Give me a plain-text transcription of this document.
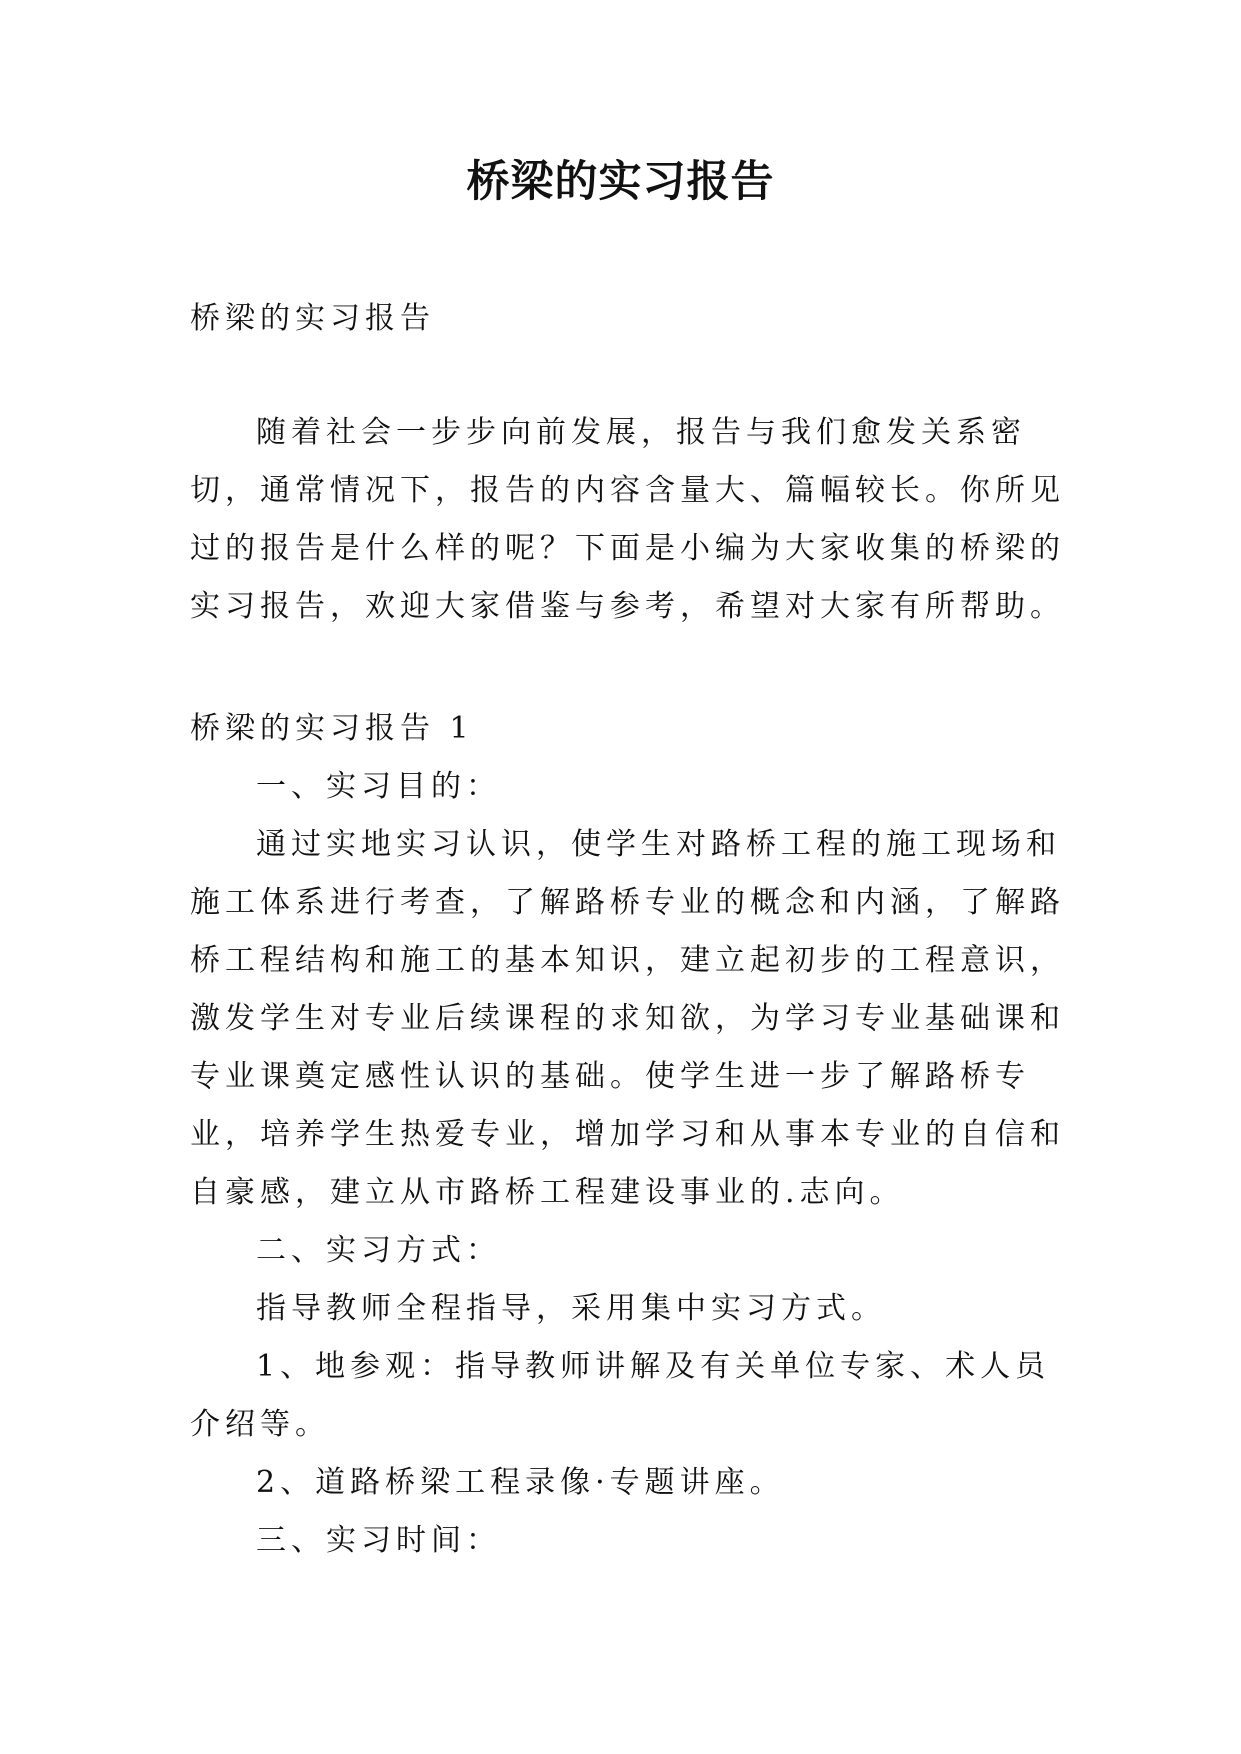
桥梁的实习报告

桥梁的实习报告

随着社会一步步向前发展，报告与我们愈发关系密切，通常情况下，报告的内容含量大、篇幅较长。你所见过的报告是什么样的呢？下面是小编为大家收集的桥梁的实习报告，欢迎大家借鉴与参考，希望对大家有所帮助。

桥梁的实习报告 1

一、实习目的：

通过实地实习认识，使学生对路桥工程的施工现场和施工体系进行考查，了解路桥专业的概念和内涵，了解路桥工程结构和施工的基本知识，建立起初步的工程意识，激发学生对专业后续课程的求知欲，为学习专业基础课和专业课奠定感性认识的基础。使学生进一步了解路桥专业，培养学生热爱专业，增加学习和从事本专业的自信和自豪感，建立从市路桥工程建设事业的.志向。

二、实习方式：

指导教师全程指导，采用集中实习方式。

1、地参观：指导教师讲解及有关单位专家、术人员介绍等。

2、道路桥梁工程录像·专题讲座。

三、实习时间：
